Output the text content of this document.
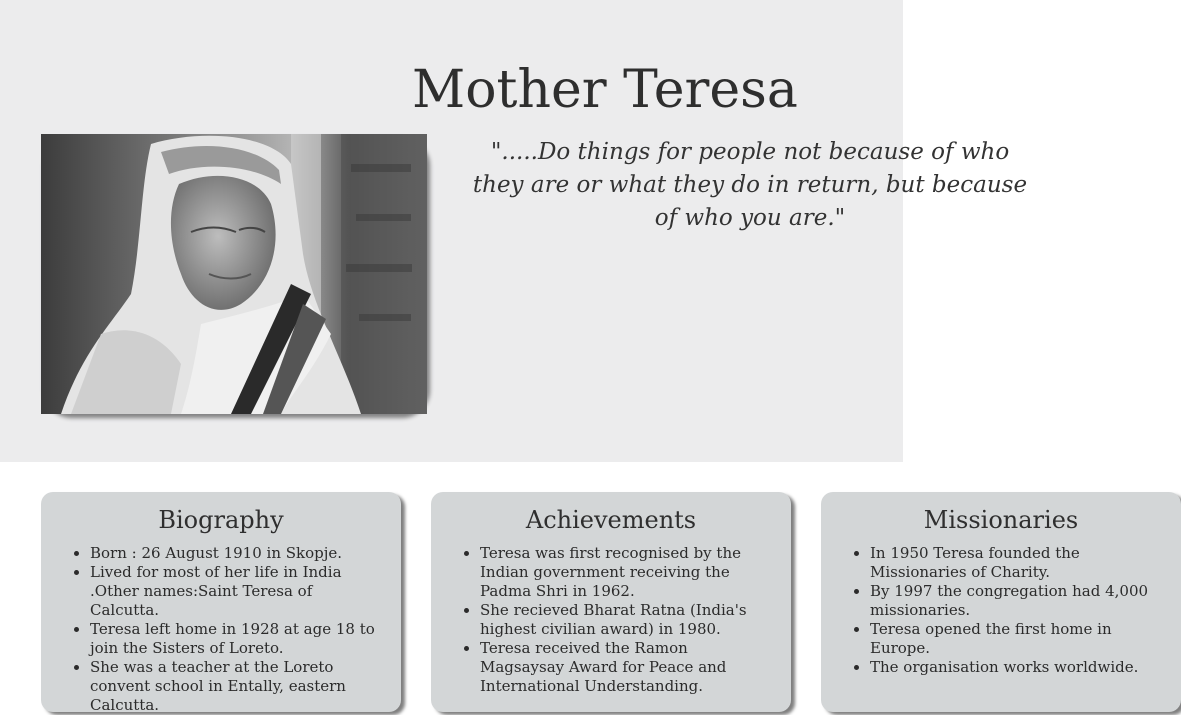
Mother Teresa

".....Do things for people not because of who they are or what they do in return, but because of who you are."

Biography
• Born : 26 August 1910 in Skopje.
• Lived for most of her life in India .Other names:Saint Teresa of Calcutta.
• Teresa left home in 1928 at age 18 to join the Sisters of Loreto.
• She was a teacher at the Loreto convent school in Entally, eastern Calcutta.
Achievements
• Teresa was first recognised by the Indian government receiving the Padma Shri in 1962.
• She recieved Bharat Ratna (India's highest civilian award) in 1980.
• Teresa received the Ramon Magsaysay Award for Peace and International Understanding.
Missionaries
• In 1950 Teresa founded the Missionaries of Charity.
• By 1997 the congregation had 4,000 missionaries.
• Teresa opened the first home in Europe.
• The organisation works worldwide.
